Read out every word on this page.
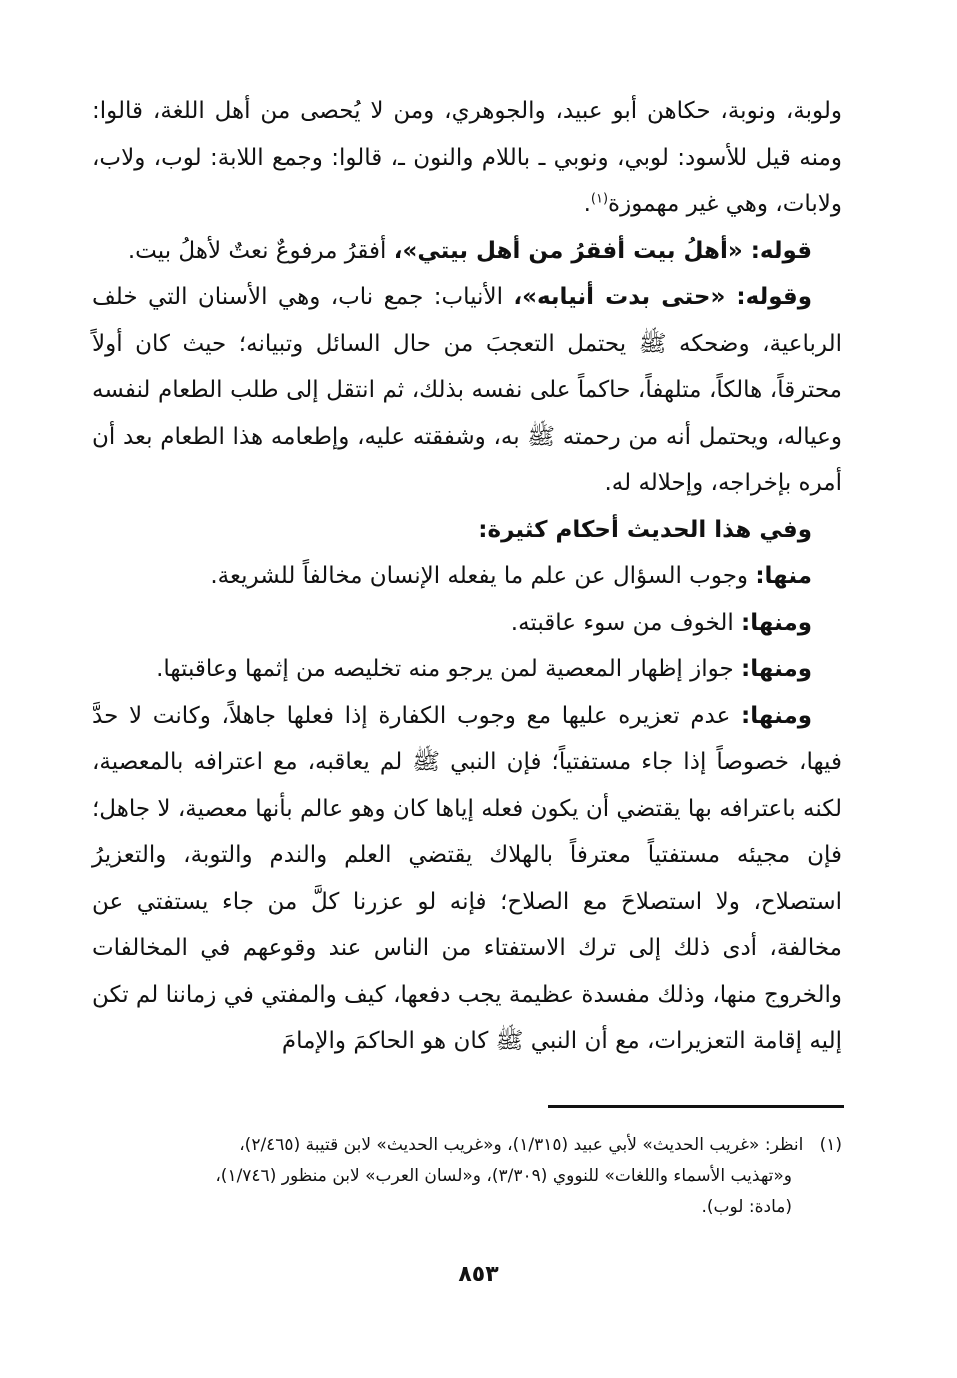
ولوبة، ونوبة، حكاهن أبو عبيد، والجوهري، ومن لا يُحصى من أهل اللغة، قالوا: ومنه قيل للأسود: لوبي، ونوبي ـ باللام والنون ـ، قالوا: وجمع اللابة: لوب، ولاب، ولابات، وهي غير مهموزة$^{(١)}$.

قوله: «أهلُ بيت أفقرُ من أهل بيتي»، أفقرُ مرفوعٌ نعتٌ لأهلُ بيت.

وقوله: «حتى بدت أنيابه»، الأنياب: جمع ناب، وهي الأسنان التي خلف الرباعية، وضحكه ﷺ يحتمل التعجبَ من حال السائل وتبيانه؛ حيث كان أولاً محترقاً، هالكاً، متلهفاً، حاكماً على نفسه بذلك، ثم انتقل إلى طلب الطعام لنفسه وعياله، ويحتمل أنه من رحمته ﷺ به، وشفقته عليه، وإطعامه هذا الطعام بعد أن أمره بإخراجه، وإحلاله له.

وفي هذا الحديث أحكام كثيرة:

منها: وجوب السؤال عن علم ما يفعله الإنسان مخالفاً للشريعة.

ومنها: الخوف من سوء عاقبته.

ومنها: جواز إظهار المعصية لمن يرجو منه تخليصه من إثمها وعاقبتها.

ومنها: عدم تعزيره عليها مع وجوب الكفارة إذا فعلها جاهلاً، وكانت لا حدَّ فيها، خصوصاً إذا جاء مستفتياً؛ فإن النبي ﷺ لم يعاقبه، مع اعترافه بالمعصية، لكنه باعترافه بها يقتضي أن يكون فعله إياها كان وهو عالم بأنها معصية، لا جاهل؛ فإن مجيئه مستفتياً معترفاً بالهلاك يقتضي العلم والندم والتوبة، والتعزيرُ استصلاح، ولا استصلاحَ مع الصلاح؛ فإنه لو عزرنا كلَّ من جاء يستفتي عن مخالفة، أدى ذلك إلى ترك الاستفتاء من الناس عند وقوعهم في المخالفات والخروج منها، وذلك مفسدة عظيمة يجب دفعها، كيف والمفتي في زماننا لم تكن إليه إقامة التعزيرات، مع أن النبي ﷺ كان هو الحاكمَ والإمامَ

(١)   انظر: «غريب الحديث» لأبي عبيد (١/٣١٥)، و«غريب الحديث» لابن قتيبة (٢/٤٦٥)،

و«تهذيب الأسماء واللغات» للنووي (٣/٣٠٩)، و«لسان العرب» لابن منظور (١/٧٤٦)،

(مادة: لوب).

٨٥٣
